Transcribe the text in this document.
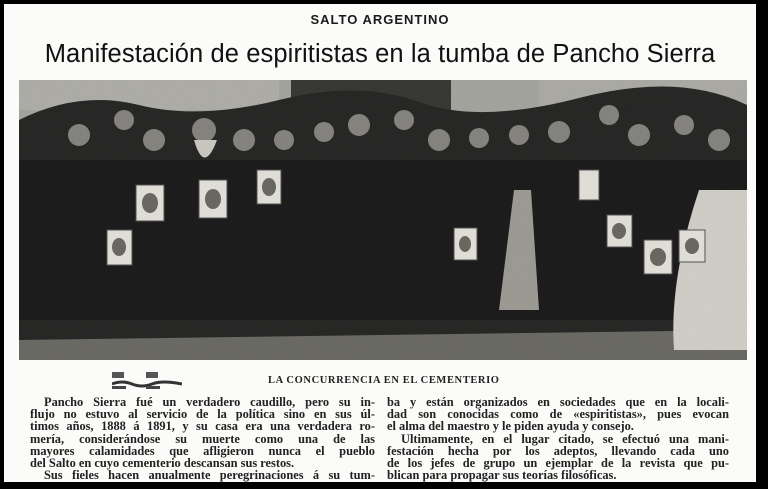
SALTO ARGENTINO
Manifestación de espiritistas en la tumba de Pancho Sierra
LA CONCURRENCIA EN EL CEMENTERIO

Pancho Sierra fué un verdadero caudillo, pero su in-
flujo no estuvo al servicio de la política sino en sus úl-
timos años, 1888 á 1891, y su casa era una verdadera ro-
mería, considerándose su muerte como una de las
mayores calamidades que afligieron nunca el pueblo
del Salto en cuyo cementerio descansan sus restos.

Sus fieles hacen anualmente peregrinaciones á su tum-

ba y están organizados en sociedades que en la locali-
dad son conocidas como de «espiritistas», pues evocan
el alma del maestro y le piden ayuda y consejo.

Ultimamente, en el lugar citado, se efectuó una mani-
festación hecha por los adeptos, llevando cada uno
de los jefes de grupo un ejemplar de la revista que pu-
blican para propagar sus teorías filosóficas.
